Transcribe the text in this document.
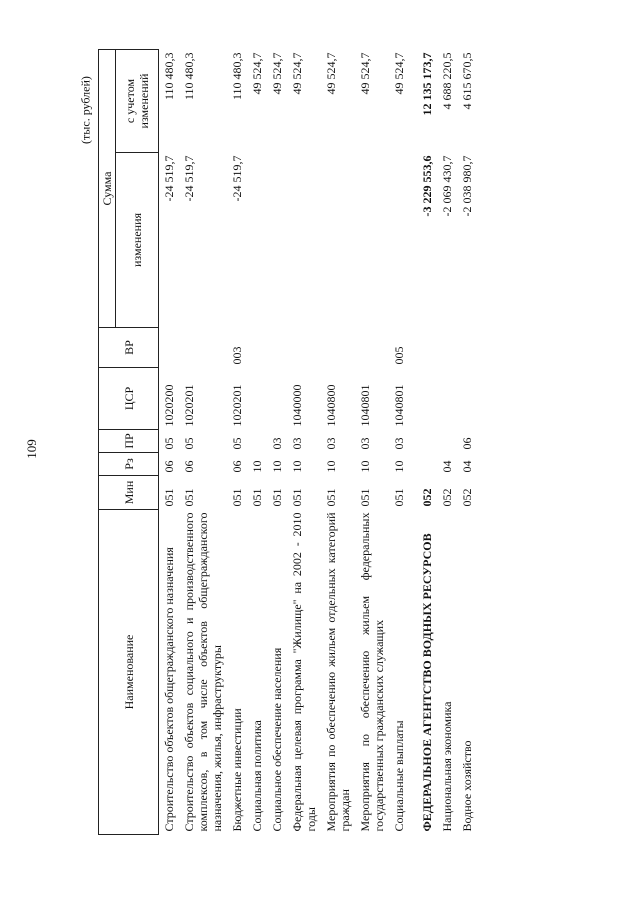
109
(тыс. рублей)
Наименование	Мин	Рз	ПР	ЦСР	ВР	Сумма	
						изменения	с учетом изменений
Строительство объектов общегражданского назначения	051	06	05	1020200		-24 519,7	110 480,3
Строительство объектов социального и производственного комплексов, в том числе объектов общегражданского назначения, жилья, инфраструктуры	051	06	05	1020201		-24 519,7	110 480,3
Бюджетные инвестиции	051	06	05	1020201	003	-24 519,7	110 480,3
Социальная политика	051	10					49 524,7
Социальное обеспечение населения	051	10	03				49 524,7
Федеральная целевая программа "Жилище" на 2002 - 2010 годы	051	10	03	1040000			49 524,7
Мероприятия по обеспечению жильем отдельных категорий граждан	051	10	03	1040800			49 524,7
Мероприятия по обеспечению жильем федеральных государственных гражданских служащих	051	10	03	1040801			49 524,7
Социальные выплаты	051	10	03	1040801	005		49 524,7

ФЕДЕРАЛЬНОЕ АГЕНТСТВО ВОДНЫХ РЕСУРСОВ	052					-3 229 553,6	12 135 173,7
Национальная экономика	052	04				-2 069 430,7	4 688 220,5
Водное хозяйство	052	04	06			-2 038 980,7	4 615 670,5
